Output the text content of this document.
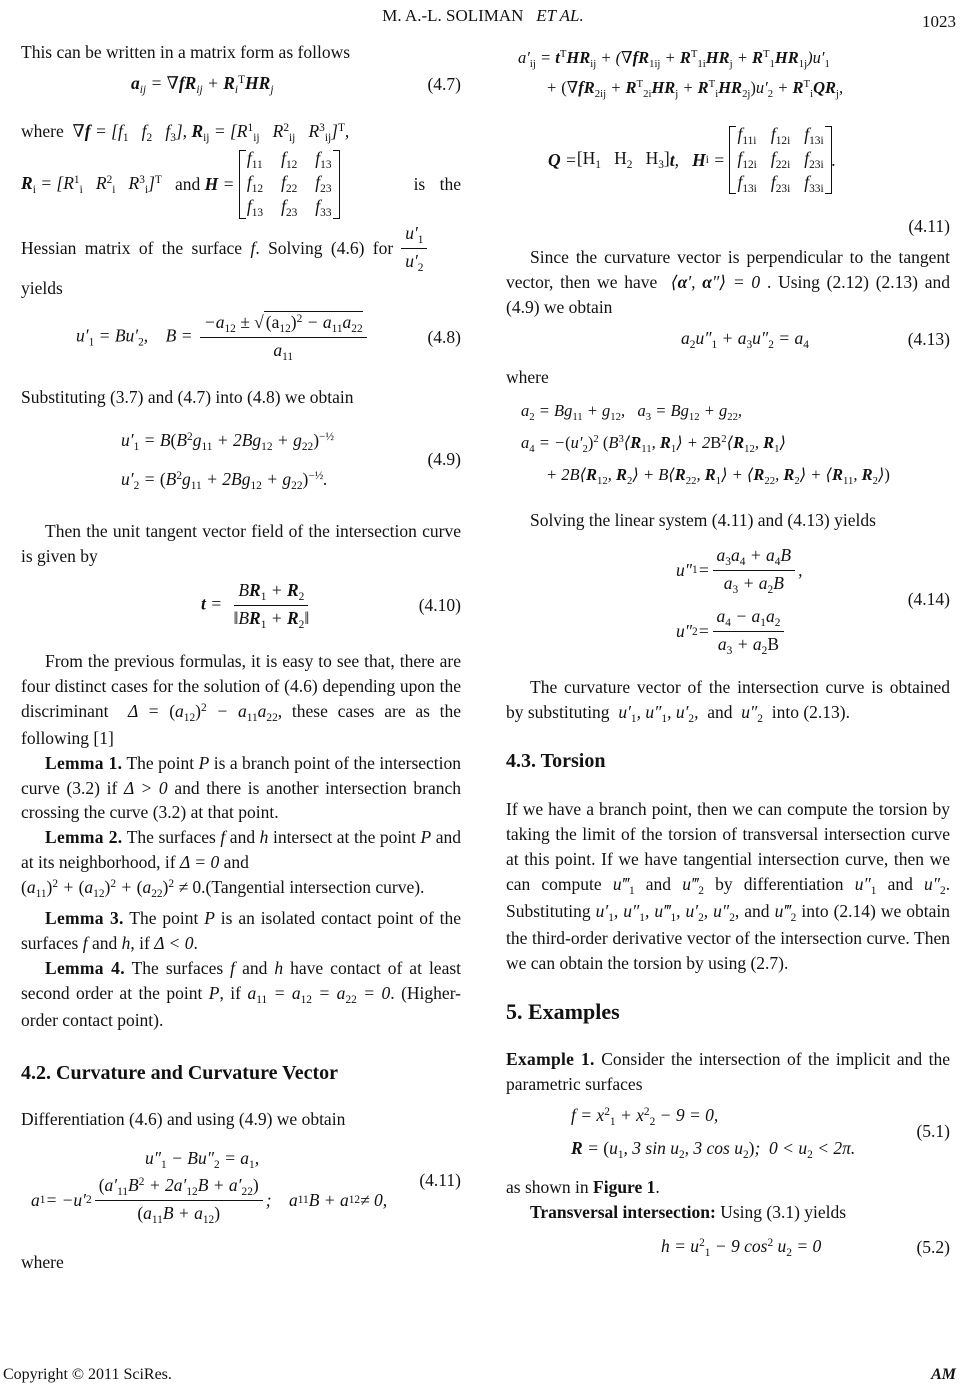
M. A.-L. SOLIMAN ET AL.	1023

This can be written in a matrix form as follows

$a_{ij} = \nabla fR_{ij} + R_i^THR_j$	(4.7)

where $\nabla f = [f_1$   $f_2$   $f_3$], $R_{ij} = [R^1_{ij}$   $R^2_{ij}$   $R^3_{ij}]^T$,

$R_i = [R^1_i$   $R^2_i$   $R^3_i]^T$
and
H =

$f_{11}$ $f_{12}$ $f_{13}$
$f_{12}$ $f_{22}$ $f_{23}$
$f_{13}$ $f_{23}$ $f_{33}$
is the
Hessian matrix of the surface
f . Solving (4.6) for $\frac{u'_1}{u'_2}$

yields

$u'_1 = Bu'_2$,    $B = \frac{-a_{12} \pm √ (a_{12})^2 - a_{11}a_{22}}{a_{11}}$	(4.8)

Substituting (3.7) and (4.7) into (4.8) we obtain

$u'_1 = B(B^2g_{11} + 2Bg_{12} + g_{22})^{-\frac{1}{2}}$
$u'_2 = (B^2g_{11} + 2Bg_{12} + g_{22})^{-\frac{1}{2}}$.
(4.9)

Then the unit tangent vector field of the intersection curve is given by

$t = \frac{BR_1 + R_2}{‖BR_1 + R_2‖}$	(4.10)

From the previous formulas, it is easy to see that, there are four distinct cases for the solution of (4.6) depending upon the discriminant $\Delta = (a_{12})^2 - a_{11}a_{22}$, these cases are as the following [1]

Lemma 1. The point P is a branch point of the intersection curve (3.2) if Δ > 0 and there is another intersection branch crossing the curve (3.2) at that point.

Lemma 2. The surfaces f and h intersect at the point P and at its neighborhood, if Δ = 0 and
$(a_{11})^2 + (a_{12})^2 + (a_{22})^2$ ≠ 0.(Tangential intersection curve).

Lemma 3. The point P is an isolated contact point of the surfaces f and h, if Δ < 0.

Lemma 4. The surfaces f and h have contact of at least second order at the point P, if $a_{11} = a_{12} = a_{22} = 0$. (Higher-order contact point).

4.2. Curvature and Curvature Vector

Differentiation (4.6) and using (4.9) we obtain

$u''_1 - Bu''_2 = a_1$,
a 1 = −u′ $2 \frac{(a'_{11}B^2 + 2a'_{12}B + a'_{22})}{(a_{11}B + a_{12})}$ ;    a 11 B + a 12 ≠ 0,
(4.11)

where

$a'_{ij} = t^THR_{ij} + (\nabla fR_{1ij} + R^T_{1i}HR_j + R^T_1HR_{1j})u'_1$
+ $(\nabla fR_{2ij} + R^T_{2i}HR_j + R^T_iHR_{2j})u'_2 + R^T_iQR_j$,
$Q = [H_1$   $H_2$   $H_3$] t , H i =
$f_{11i}$ $f_{12i}$ $f_{13i}$
$f_{12i}$ $f_{22i}$ $f_{23i}$
$f_{13i}$ $f_{23i}$ $f_{33i}$
.
(4.11)

Since the curvature vector is perpendicular to the tangent vector, then we have ⟨α′, α″⟩ = 0 . Using (2.12) (2.13) and (4.9) we obtain

$a_2u''_1 + a_3u''_2 = a_4$	(4.13)

where

$a_2 = Bg_{11} + g_{12}$,   $a_3 = Bg_{12} + g_{22}$,
$a_4 = -(u'_2)^2$ ($B^3⟨R_{11}$, $R_1⟩$ + $2B^2⟨R_{12}$, $R_1⟩$
+ $2B⟨R_{12}$, $R_2⟩$ + $B⟨R_{22}$, $R_1⟩$ + $⟨R_{22}$, $R_2⟩$ + $⟨R_{11}$, $R_2⟩$)

Solving the linear system (4.11) and (4.13) yields

u″ $1 = \frac{a_3a_4 + a_4B}{a_3 + a_2B}$ ,
u″ $2 = \frac{a_4 - a_1a_2}{a_3 + a_2B}$
(4.14)

The curvature vector of the intersection curve is obtained by substituting $u'_1$, $u''_1$, $u'_2$, and $u''_2$ into (2.13).

4.3. Torsion

If we have a branch point, then we can compute the torsion by taking the limit of the torsion of transversal intersection curve at this point. If we have tangential intersection curve, then we can compute $u‴_1$ and $u‴_2$ by differentiation $u''_1$ and $u''_2$. Substituting $u'_1$, $u''_1$, $u‴_1$, $u'_2$, $u''_2$, and $u‴_2$ into (2.14) we obtain the third-order derivative vector of the intersection curve. Then we can obtain the torsion by using (2.7).

5. Examples

Example 1. Consider the intersection of the implicit and the parametric surfaces

$f = x^2_1 + x^2_2 - 9 = 0$,
$R = (u_1$, 3 $\sin u_2$, 3 $\cos u_2$);  $0 < u_2 < 2\pi$.
(5.1)

as shown in Figure 1.

Transversal intersection: Using (3.1) yields

$h = u^2_1 - 9$ $\cos^2 u_2 = 0$	(5.2)
Copyright © 2011 SciRes.	AM
